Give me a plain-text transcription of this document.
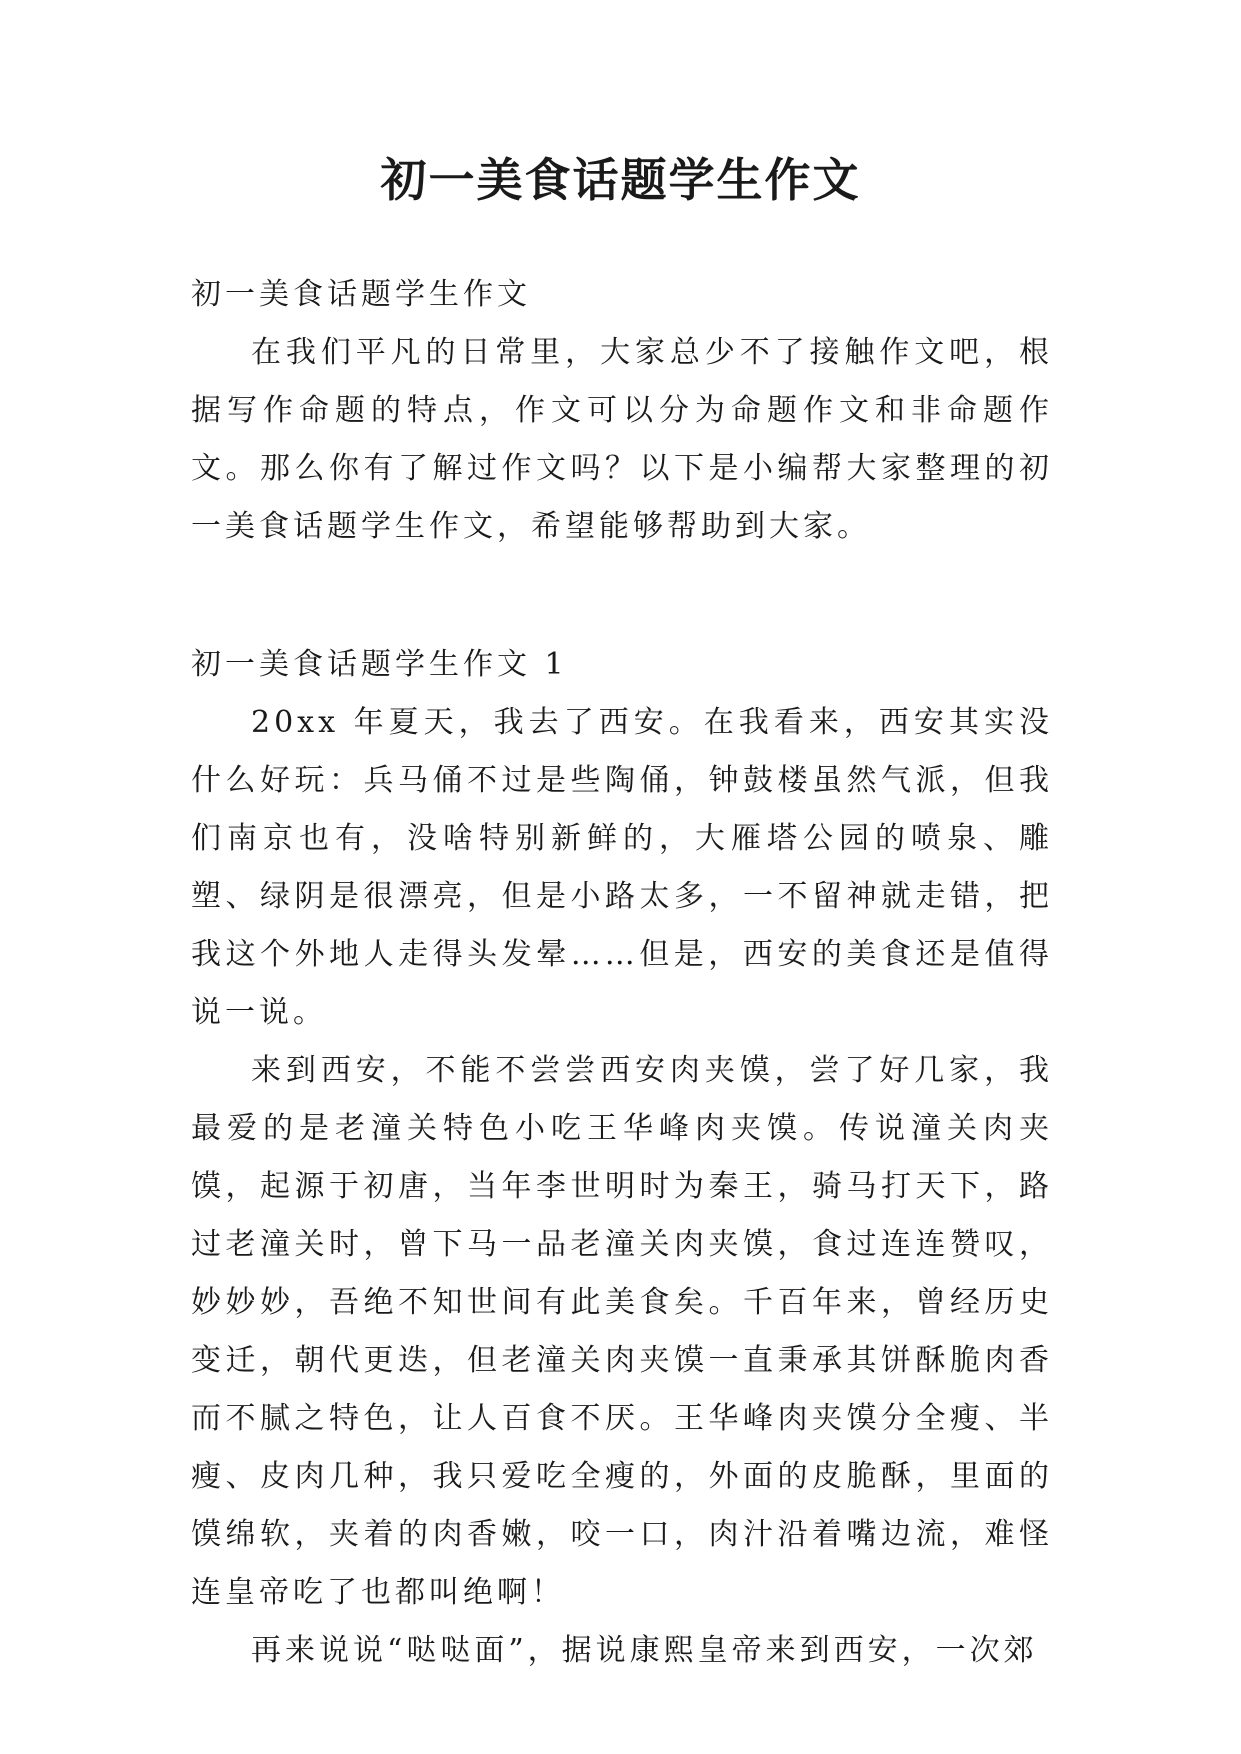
初一美食话题学生作文

初一美食话题学生作文

在我们平凡的日常里，大家总少不了接触作文吧，根据写作命题的特点，作文可以分为命题作文和非命题作文。那么你有了解过作文吗？以下是小编帮大家整理的初一美食话题学生作文，希望能够帮助到大家。

初一美食话题学生作文 1

20xx 年夏天，我去了西安。在我看来，西安其实没什么好玩：兵马俑不过是些陶俑，钟鼓楼虽然气派，但我们南京也有，没啥特别新鲜的，大雁塔公园的喷泉、雕塑、绿阴是很漂亮，但是小路太多，一不留神就走错，把我这个外地人走得头发晕……但是，西安的美食还是值得说一说。

来到西安，不能不尝尝西安肉夹馍，尝了好几家，我最爱的是老潼关特色小吃王华峰肉夹馍。传说潼关肉夹馍，起源于初唐，当年李世明时为秦王，骑马打天下，路过老潼关时，曾下马一品老潼关肉夹馍，食过连连赞叹，妙妙妙，吾绝不知世间有此美食矣。千百年来，曾经历史变迁，朝代更迭，但老潼关肉夹馍一直秉承其饼酥脆肉香而不腻之特色，让人百食不厌。王华峰肉夹馍分全瘦、半瘦、皮肉几种，我只爱吃全瘦的，外面的皮脆酥，里面的馍绵软，夹着的肉香嫩，咬一口，肉汁沿着嘴边流，难怪连皇帝吃了也都叫绝啊！

再来说说“哒哒面”，据说康熙皇帝来到西安，一次郊
